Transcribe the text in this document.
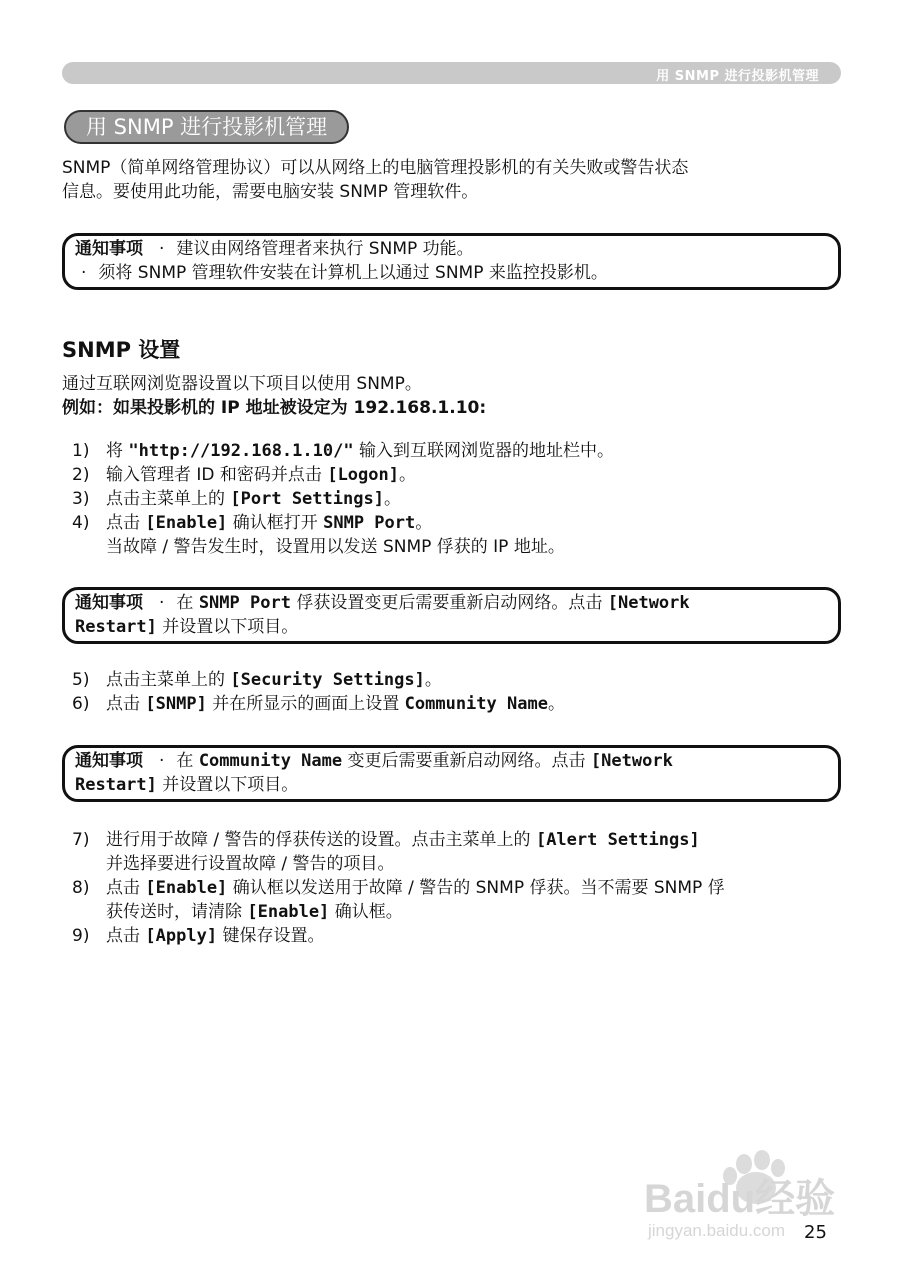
用 SNMP 进行投影机管理
用 SNMP 进行投影机管理
SNMP（简单网络管理协议）可以从网络上的电脑管理投影机的有关失败或警告状态
信息。要使用此功能，需要电脑安装 SNMP 管理软件。
通知事项 · 建议由网络管理者来执行 SNMP 功能。
· 须将 SNMP 管理软件安装在计算机上以通过 SNMP 来监控投影机。
SNMP 设置
通过互联网浏览器设置以下项目以使用 SNMP。
例如：如果投影机的 IP 地址被设定为 192.168.1.10:
1) 将 "http://192.168.1.10/" 输入到互联网浏览器的地址栏中。
2) 输入管理者 ID 和密码并点击 [Logon]。
3) 点击主菜单上的 [Port Settings]。
4) 点击 [Enable] 确认框打开 SNMP Port。
当故障 / 警告发生时，设置用以发送 SNMP 俘获的 IP 地址。
通知事项 · 在 SNMP Port 俘获设置变更后需要重新启动网络。点击 [Network
Restart] 并设置以下项目。
5) 点击主菜单上的 [Security Settings]。
6) 点击 [SNMP] 并在所显示的画面上设置 Community Name。
通知事项 · 在 Community Name 变更后需要重新启动网络。点击 [Network
Restart] 并设置以下项目。
7) 进行用于故障 / 警告的俘获传送的设置。点击主菜单上的 [Alert Settings]
并选择要进行设置故障 / 警告的项目。
8) 点击 [Enable] 确认框以发送用于故障 / 警告的 SNMP 俘获。当不需要 SNMP 俘
获传送时，请清除 [Enable] 确认框。
9) 点击 [Apply] 键保存设置。
Baidu经验
jingyan.baidu.com 25
